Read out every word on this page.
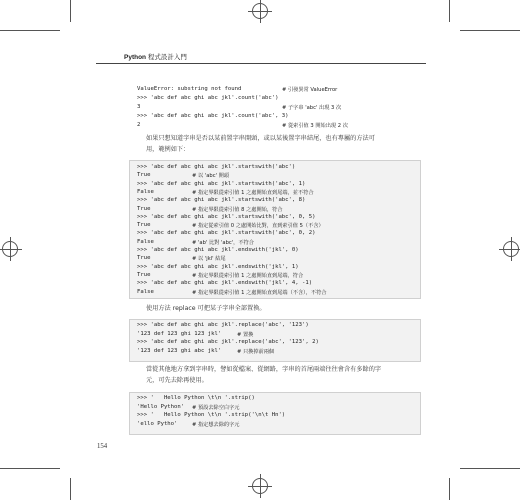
Python 程式設計入門
ValueError: substring not found	# 引發異常 ValueError
>>> 'abc def abc ghi abc jkl'.count('abc')
3	# 子字串 'abc' 出現 3 次
>>> 'abc def abc ghi abc jkl'.count('abc', 3)
2	# 從索引值 3 開始出現 2 次
如果只想知道字串是否以某前置字串開頭，或以某後置字串結尾，也有專屬的方法可
用，範例如下：
>>> 'abc def abc ghi abc jkl'.startswith('abc')
True	# 以 'abc' 開頭
>>> 'abc def abc ghi abc jkl'.startswith('abc', 1)
False	# 指定界限從索引值 1 之處開始直到尾端，並不符合
>>> 'abc def abc ghi abc jkl'.startswith('abc', 8)
True	# 指定界限從索引值 8 之處開始，符合
>>> 'abc def abc ghi abc jkl'.startswith('abc', 0, 5)
True	# 指定從索引值 0 之處開始比對，直到索引值 5（不含）
>>> 'abc def abc ghi abc jkl'.startswith('abc', 0, 2)
False	# 'ab' 比對 'abc'，不符合
>>> 'abc def abc ghi abc jkl'.endswith('jkl', 0)
True	# 以 'jkl' 結尾
>>> 'abc def abc ghi abc jkl'.endswith('jkl', 1)
True	# 指定界限從索引值 1 之處開始直到尾端，符合
>>> 'abc def abc ghi abc jkl'.endswith('jkl', 4, -1)
False	# 指定界限從索引值 1 之處開始直到尾端（不含），不符合
使用方法 replace 可把某子字串全部置換。
>>> 'abc def abc ghi abc jkl'.replace('abc', '123')
'123 def 123 ghi 123 jkl'	# 置換
>>> 'abc def abc ghi abc jkl'.replace('abc', '123', 2)
'123 def 123 ghi abc jkl'	# 只換掉前兩個
當從其他地方拿到字串時，譬如從檔案、從網路，字串的首尾兩端往往會含有多餘的字
元，可先去除再使用。
>>> '   Hello Python \t\n '.strip()
'Hello Python' # 預設去除空白字元
>>> '   Hello Python \t\n '.strip('\n\t Hn')
'ello Pytho'	# 指定想去除的字元
154
